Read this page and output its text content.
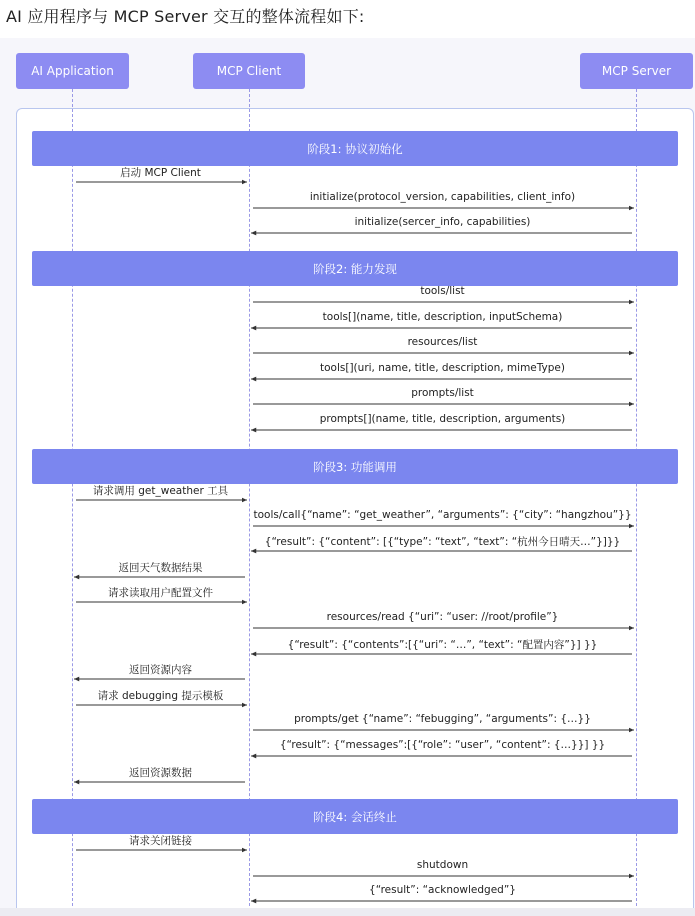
AI 应用程序与 MCP Server 交互的整体流程如下:
AI Application	MCP Client	MCP Server
阶段1: 协议初始化
启动 MCP Client
initialize(protocol_version, capabilities, client_info)
initialize(sercer_info, capabilities)
阶段2: 能力发现
tools/list
tools[](name, title, description, inputSchema)
resources/list
tools[](uri, name, title, description, mimeType)
prompts/list
prompts[](name, title, description, arguments)
阶段3: 功能调用
请求调用 get_weather 工具
tools/call{“name”: “get_weather”, “arguments”: {“city”: “hangzhou”}}
{“result”: {“content”: [{“type”: “text”, “text”: “杭州今日晴天…”}]}}
返回天气数据结果
请求读取用户配置文件
resources/read {“uri”: “user: //root/profile”}
{“result”: {“contents”:[{“uri”: “…”, “text”: “配置内容”}] }}
返回资源内容
请求 debugging 提示模板
prompts/get {“name”: “febugging”, “arguments”: {…}}
{“result”: {“messages”:[{“role”: “user”, “content”: {…}}] }}
返回资源数据
阶段4: 会话终止
请求关闭链接
shutdown
{“result”: “acknowledged”}
